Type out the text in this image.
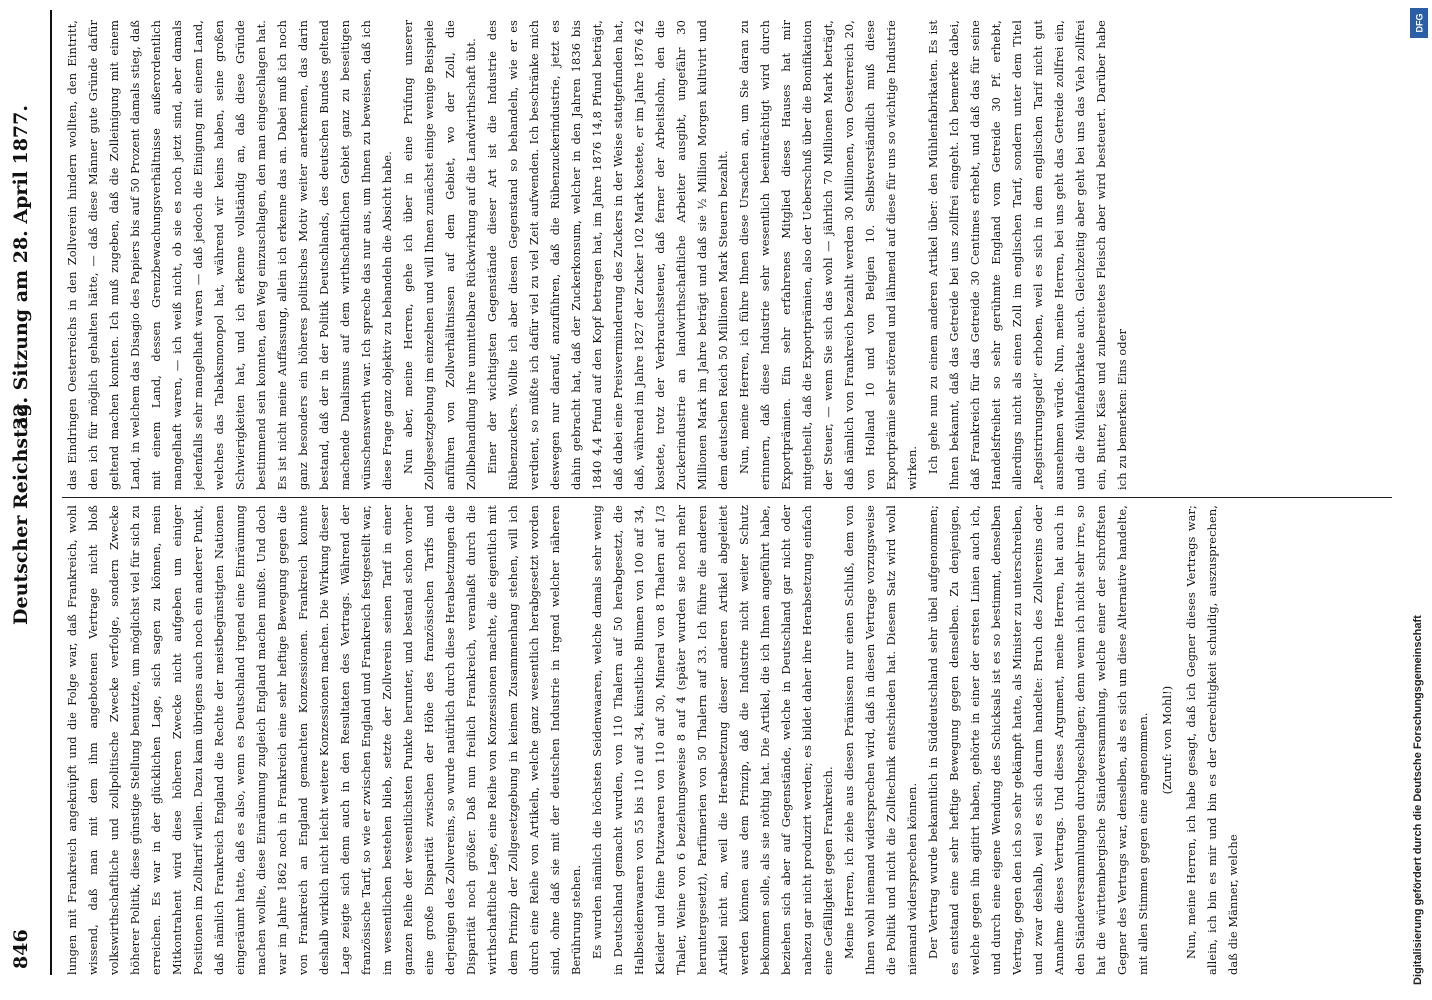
846
Deutscher Reichstag.
32. Sitzung am 28. April 1877.

lungen mit Frankreich angeknüpft und die Folge war, daß Frankreich, wohl wissend, daß man mit dem ihm angebotenen Vertrage nicht bloß volkswirthschaftliche und zollpolitische Zwecke verfolge, sondern Zwecke höherer Politik, diese günstige Stellung benutzte, um möglichst viel für sich zu erreichen. Es war in der glücklichen Lage, sich sagen zu können, mein Mitkontrahent wird diese höheren Zwecke nicht aufgeben um einiger Positionen im Zolltarif willen. Dazu kam übrigens auch noch ein anderer Punkt, daß nämlich Frankreich England die Rechte der meistbegünstigten Nationen eingeräumt hatte, daß es also, wenn es Deutschland irgend eine Einräumung machen wollte, diese Einräumung zugleich England machen mußte. Und doch war im Jahre 1862 noch in Frankreich eine sehr heftige Bewegung gegen die von Frankreich an England gemachten Konzessionen. Frankreich konnte deshalb wirklich nicht leicht weitere Konzessionen machen. Die Wirkung dieser Lage zeigte sich denn auch in den Resultaten des Vertrags. Während der französische Tarif, so wie er zwischen England und Frankreich festgestellt war, im wesentlichen bestehen blieb, setzte der Zollverein seinen Tarif in einer ganzen Reihe der wesentlichsten Punkte herunter, und bestand schon vorher eine große Disparität zwischen der Höhe des französischen Tarifs und derjenigen des Zollvereins, so wurde natürlich durch diese Herabsetzungen die Disparität noch größer. Daß nun freilich Frankreich, veranlaßt durch die wirthschaftliche Lage, eine Reihe von Konzessionen machte, die eigentlich mit dem Prinzip der Zollgesetzgebung in keinem Zusammenhang stehen, will ich durch eine Reihe von Artikeln, welche ganz wesentlich herabgesetzt worden sind, ohne daß sie mit der deutschen Industrie in irgend welcher näheren Berührung stehen. Es wurden nämlich die höchsten Seidenwaaren, welche damals sehr wenig in Deutschland gemacht wurden, von 110 Thalern auf 50 herabgesetzt, die Halbseidenwaaren von 55 bis 110 auf 34, künstliche Blumen von 100 auf 34, Kleider und feine Putzwaaren von 110 auf 30, Mineral von 8 Thalern auf 1/3 Thaler, Weine von 6 beziehungsweise 8 auf 4 (später wurden sie noch mehr heruntergesetzt), Parfümerien von 50 Thalern auf 33. Ich führe die anderen Artikel nicht an, weil die Herabsetzung dieser anderen Artikel abgeleitet werden können aus dem Prinzip, daß die Industrie nicht weiter Schutz bekommen solle, als sie nöthig hat. Die Artikel, die ich Ihnen angeführt habe, beziehen sich aber auf Gegenstände, welche in Deutschland gar nicht oder nahezu gar nicht produzirt werden; es bildet daher ihre Herabsetzung einfach eine Gefälligkeit gegen Frankreich. Meine Herren, ich ziehe aus diesen Prämissen nur einen Schluß, dem von Ihnen wohl niemand widersprechen wird, daß in diesen Vertrage vorzugsweise die Politik und nicht die Zolltechnik entschieden hat. Diesem Satz wird wohl niemand widersprechen können. Der Vertrag wurde bekanntlich in Süddeutschland sehr übel aufgenommen; es entstand eine sehr heftige Bewegung gegen denselben. Zu denjenigen, welche gegen ihn agitirt haben, gehörte in einer der ersten Linien auch ich, und durch eine eigene Wendung des Schicksals ist es so bestimmt, denselben Vertrag, gegen den ich so sehr gekämpft hatte, als Minister zu unterschreiben, und zwar deshalb, weil es sich darum handelte: Bruch des Zollvereins oder Annahme dieses Vertrags. Und dieses Argument, meine Herren, hat auch in den Ständeversammlungen durchgeschlagen; denn wenn ich nicht sehr irre, so hat die württembergische Ständeversammlung, welche einer der schroffsten Gegner des Vertrags war, denselben, als es sich um diese Alternative handelte, mit allen Stimmen gegen eine angenommen. (Zuruf: von Mohl!) Nun, meine Herren, ich habe gesagt, daß ich Gegner dieses Vertrags war; allein, ich bin es mir und bin es der Gerechtigkeit schuldig, auszusprechen, daß die Männer, welche

das Eindringen Oesterreichs in den Zollverein hindern wollten, den Eintritt, den ich für möglich gehalten hätte, — daß diese Männer gute Gründe dafür geltend machen konnten. Ich muß zugeben, daß die Zolleinigung mit einem Land, in welchem das Disagio des Papiers bis auf 50 Prozent damals stieg, daß mit einem Land, dessen Grenzbewachungsverhältnisse außerordentlich mangelhaft waren, — ich weiß nicht, ob sie es noch jetzt sind, aber damals jedenfalls sehr mangelhaft waren — daß jedoch die Einigung mit einem Land, welches das Tabaksmonopol hat, während wir keins haben, seine großen Schwierigkeiten hat, und ich erkenne vollständig an, daß diese Gründe bestimmend sein konnten, den Weg einzuschlagen, den man eingeschlagen hat. Es ist nicht meine Auffassung, allein ich erkenne das an. Dabei muß ich noch ganz besonders ein höheres politisches Motiv weiter anerkennen, das darin bestand, daß der in der Politik Deutschlands, des deutschen Bundes geltend machende Dualismus auf dem wirthschaftlichen Gebiet ganz zu beseitigen wünschenswerth war. Ich spreche das nur aus, um Ihnen zu beweisen, daß ich diese Frage ganz objektiv zu behandeln die Absicht habe. Nun aber, meine Herren, gehe ich über in eine Prüfung unserer Zollgesetzgebung im einzelnen und will Ihnen zunächst einige wenige Beispiele anführen von Zollverhältnissen auf dem Gebiet, wo der Zoll, die Zollbehandlung ihre unmittelbare Rückwirkung auf die Landwirthschaft übt. Einer der wichtigsten Gegenstände dieser Art ist die Industrie des Rübenzuckers. Wollte ich aber diesen Gegenstand so behandeln, wie er es verdient, so müßte ich dafür viel zu viel Zeit aufwenden. Ich beschränke mich deswegen nur darauf, anzuführen, daß die Rübenzuckerindustrie, jetzt es dahin gebracht hat, daß der Zuckerkonsum, welcher in den Jahren 1836 bis 1840 4,4 Pfund auf den Kopf betragen hat, im Jahre 1876 14,8 Pfund beträgt, daß dabei eine Preisverminderung des Zuckers in der Weise stattgefunden hat, daß, während im Jahre 1827 der Zucker 102 Mark kostete, er im Jahre 1876 42 kostete, trotz der Verbrauchssteuer, daß ferner der Arbeitslohn, den die Zuckerindustrie an landwirthschaftliche Arbeiter ausgibt, ungefähr 30 Millionen Mark im Jahre beträgt und daß sie ½ Million Morgen kultivirt und dem deutschen Reich 50 Millionen Mark Steuern bezahlt. Nun, meine Herren, ich führe Ihnen diese Ursachen an, um Sie daran zu erinnern, daß diese Industrie sehr wesentlich beeinträchtigt wird durch Exportprämien. Ein sehr erfahrenes Mitglied dieses Hauses hat mir mitgetheilt, daß die Exportprämien, also der Ueberschuß über die Bonifikation der Steuer, — wenn Sie sich das wohl — jährlich 70 Millionen Mark beträgt, daß nämlich von Frankreich bezahlt werden 30 Millionen, von Oesterreich 20, von Holland 10 und von Belgien 10. Selbstverständlich muß diese Exportprämie sehr störend und lähmend auf diese für uns so wichtige Industrie wirken. Ich gehe nun zu einem anderen Artikel über: den Mühlenfabrikaten. Es ist Ihnen bekannt, daß das Getreide bei uns zollfrei eingeht. Ich bemerke dabei, daß Frankreich für das Getreide 30 Centimes erhebt, und daß das für seine Handelsfreiheit so sehr gerühmte England vom Getreide 30 Pf. erhebt, allerdings nicht als einen Zoll im englischen Tarif, sondern unter dem Titel „Registrirungsgeld“ erhoben, weil es sich in dem englischen Tarif nicht gut ausnehmen würde. Nun, meine Herren, bei uns geht das Getreide zollfrei ein, und die Mühlenfabrikate auch. Gleichzeitig aber geht bei uns das Vieh zollfrei ein, Butter, Käse und zubereitetes Fleisch aber wird besteuert. Darüber habe ich zu bemerken: Eins oder

DFG
Digitalisierung gefördert durch die Deutsche Forschungsgemeinschaft
